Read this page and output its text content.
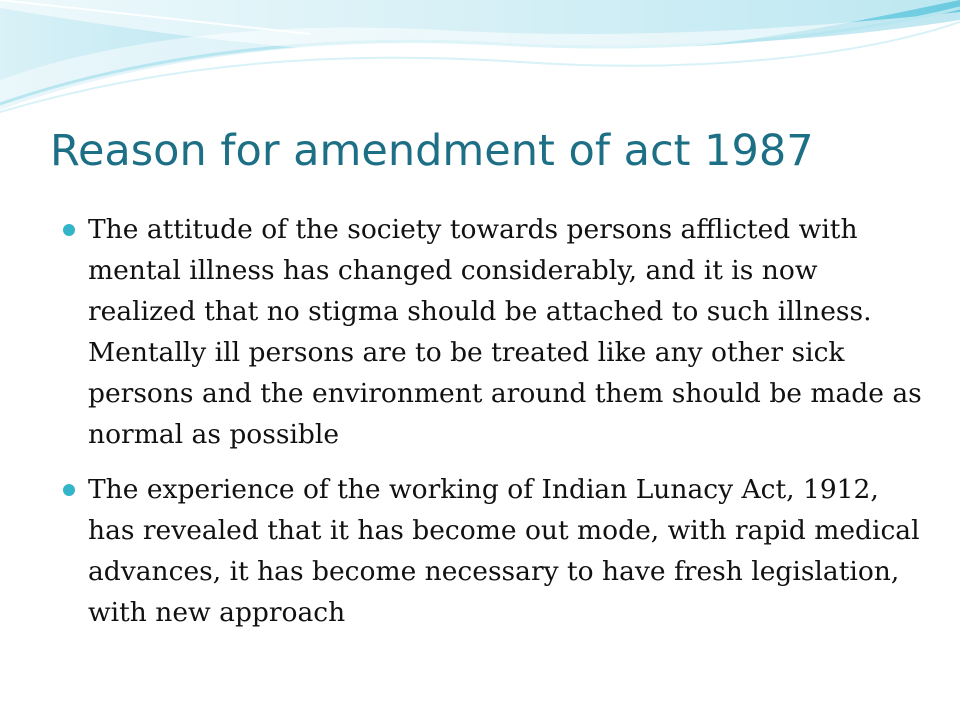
Reason for amendment of act 1987
The attitude of the society towards persons afflicted with mental illness has changed considerably, and it is now realized that no stigma should be attached to such illness. Mentally ill persons are to be treated like any other sick persons and the environment around them should be made as normal as possible
The experience of the working of Indian Lunacy Act, 1912, has revealed that it has become out mode, with rapid medical advances, it has become necessary to have fresh legislation, with new approach
